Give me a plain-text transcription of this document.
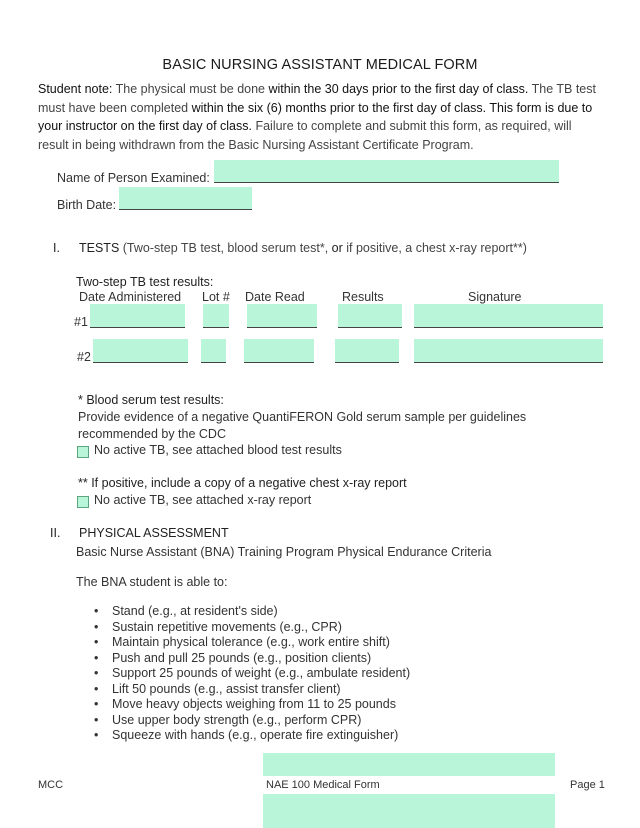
BASIC NURSING ASSISTANT MEDICAL FORM
Student note: The physical must be done within the 30 days prior to the first day of class. The TB test must have been completed within the six (6) months prior to the first day of class. This form is due to your instructor on the first day of class. Failure to complete and submit this form, as required, will result in being withdrawn from the Basic Nursing Assistant Certificate Program.
Name of Person Examined:
Birth Date:
I. TESTS (Two-step TB test, blood serum test*, or if positive, a chest x-ray report**)
Two-step TB test results:
Date Administered Lot # Date Read	Results	Signature
#1
#2
* Blood serum test results:
Provide evidence of a negative QuantiFERON Gold serum sample per guidelines recommended by the CDC
No active TB, see attached blood test results
** If positive, include a copy of a negative chest x-ray report
No active TB, see attached x-ray report
II. PHYSICAL ASSESSMENT
Basic Nurse Assistant (BNA) Training Program Physical Endurance Criteria
The BNA student is able to:
• Stand (e.g., at resident's side)
• Sustain repetitive movements (e.g., CPR)
• Maintain physical tolerance (e.g., work entire shift)
• Push and pull 25 pounds (e.g., position clients)
• Support 25 pounds of weight (e.g., ambulate resident)
• Lift 50 pounds (e.g., assist transfer client)
• Move heavy objects weighing from 11 to 25 pounds
• Use upper body strength (e.g., perform CPR)
• Squeeze with hands (e.g., operate fire extinguisher)
MCC	NAE 100 Medical Form	Page 1
